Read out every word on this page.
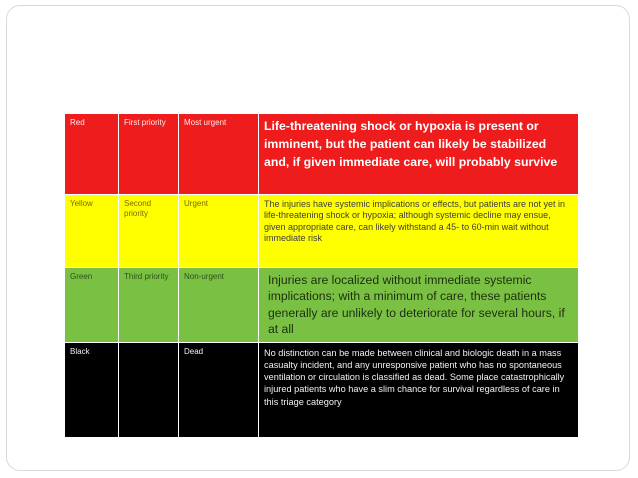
Red	First priority	Most urgent	Life-threatening shock or hypoxia is present or imminent, but the patient can likely be stabilized and, if given immediate care, will probably survive
Yellow	Second priority	Urgent	The injuries have systemic implications or effects, but patients are not yet in life-threatening shock or hypoxia; although systemic decline may ensue, given appropriate care, can likely withstand a 45- to 60-min wait without immediate risk
Green	Third priority	Non-urgent	Injuries are localized without immediate systemic implications; with a minimum of care, these patients generally are unlikely to deteriorate for several hours, if at all
Black		Dead	No distinction can be made between clinical and biologic death in a mass casualty incident, and any unresponsive patient who has no spontaneous ventilation or circulation is classified as dead. Some place catastrophically injured patients who have a slim chance for survival regardless of care in this triage category
